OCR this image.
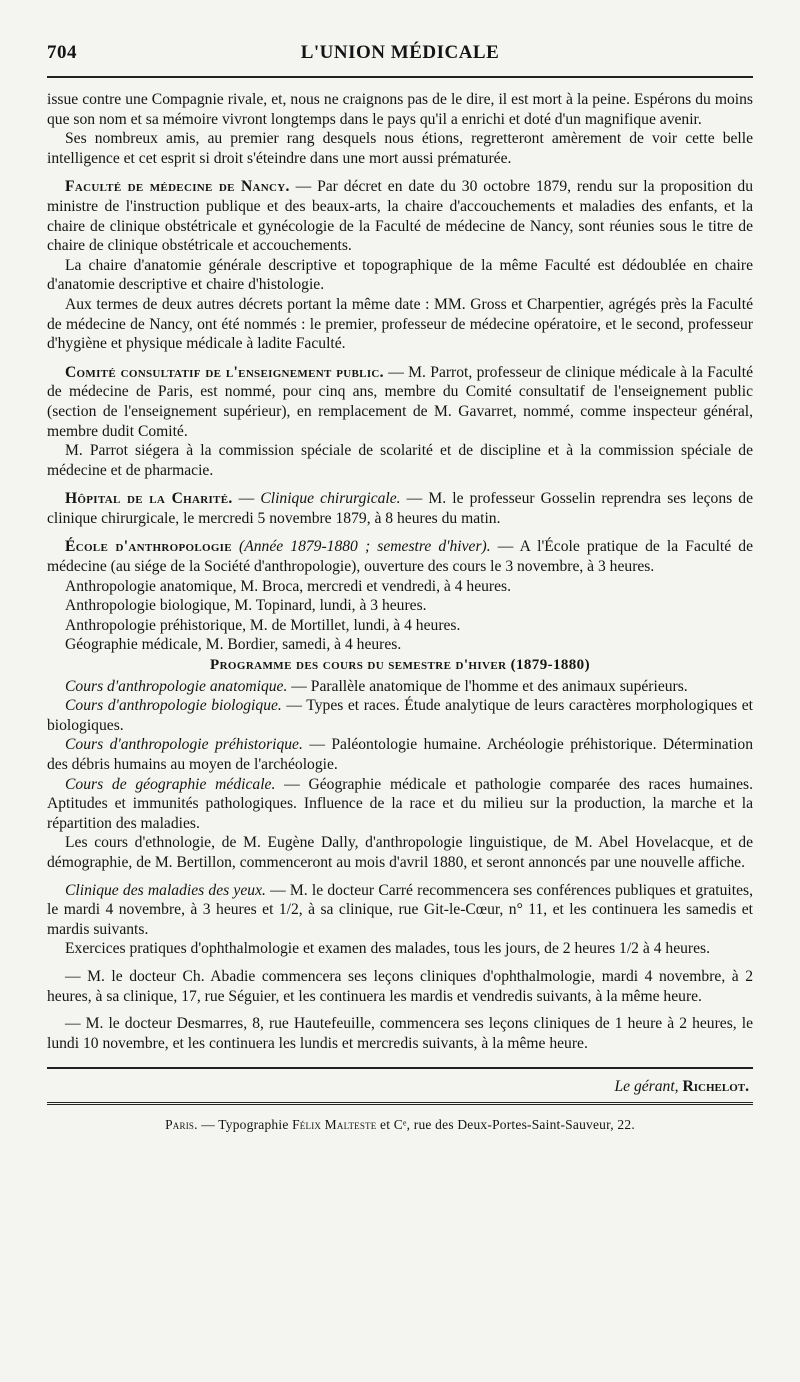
704	L'UNION MÉDICALE

issue contre une Compagnie rivale, et, nous ne craignons pas de le dire, il est mort à la peine. Espérons du moins que son nom et sa mémoire vivront longtemps dans le pays qu'il a enrichi et doté d'un magnifique avenir.

Ses nombreux amis, au premier rang desquels nous étions, regretteront amèrement de voir cette belle intelligence et cet esprit si droit s'éteindre dans une mort aussi prématurée.

Faculté de médecine de Nancy. — Par décret en date du 30 octobre 1879, rendu sur la proposition du ministre de l'instruction publique et des beaux-arts, la chaire d'accouchements et maladies des enfants, et la chaire de clinique obstétricale et gynécologie de la Faculté de médecine de Nancy, sont réunies sous le titre de chaire de clinique obstétricale et accouchements.

La chaire d'anatomie générale descriptive et topographique de la même Faculté est dédoublée en chaire d'anatomie descriptive et chaire d'histologie.

Aux termes de deux autres décrets portant la même date : MM. Gross et Charpentier, agrégés près la Faculté de médecine de Nancy, ont été nommés : le premier, professeur de médecine opératoire, et le second, professeur d'hygiène et physique médicale à ladite Faculté.

Comité consultatif de l'enseignement public. — M. Parrot, professeur de clinique médicale à la Faculté de médecine de Paris, est nommé, pour cinq ans, membre du Comité consultatif de l'enseignement public (section de l'enseignement supérieur), en remplacement de M. Gavarret, nommé, comme inspecteur général, membre dudit Comité.

M. Parrot siégera à la commission spéciale de scolarité et de discipline et à la commission spéciale de médecine et de pharmacie.

Hôpital de la Charité. — Clinique chirurgicale. — M. le professeur Gosselin reprendra ses leçons de clinique chirurgicale, le mercredi 5 novembre 1879, à 8 heures du matin.

École d'anthropologie (Année 1879-1880 ; semestre d'hiver). — A l'École pratique de la Faculté de médecine (au siége de la Société d'anthropologie), ouverture des cours le 3 novembre, à 3 heures.

Anthropologie anatomique, M. Broca, mercredi et vendredi, à 4 heures.

Anthropologie biologique, M. Topinard, lundi, à 3 heures.

Anthropologie préhistorique, M. de Mortillet, lundi, à 4 heures.

Géographie médicale, M. Bordier, samedi, à 4 heures.

Programme des cours du semestre d'hiver (1879-1880)

Cours d'anthropologie anatomique. — Parallèle anatomique de l'homme et des animaux supérieurs.

Cours d'anthropologie biologique. — Types et races. Étude analytique de leurs caractères morphologiques et biologiques.

Cours d'anthropologie préhistorique. — Paléontologie humaine. Archéologie préhistorique. Détermination des débris humains au moyen de l'archéologie.

Cours de géographie médicale. — Géographie médicale et pathologie comparée des races humaines. Aptitudes et immunités pathologiques. Influence de la race et du milieu sur la production, la marche et la répartition des maladies.

Les cours d'ethnologie, de M. Eugène Dally, d'anthropologie linguistique, de M. Abel Hovelacque, et de démographie, de M. Bertillon, commenceront au mois d'avril 1880, et seront annoncés par une nouvelle affiche.

Clinique des maladies des yeux. — M. le docteur Carré recommencera ses conférences publiques et gratuites, le mardi 4 novembre, à 3 heures et 1/2, à sa clinique, rue Git-le-Cœur, n° 11, et les continuera les samedis et mardis suivants.

Exercices pratiques d'ophthalmologie et examen des malades, tous les jours, de 2 heures 1/2 à 4 heures.

— M. le docteur Ch. Abadie commencera ses leçons cliniques d'ophthalmologie, mardi 4 novembre, à 2 heures, à sa clinique, 17, rue Séguier, et les continuera les mardis et vendredis suivants, à la même heure.

— M. le docteur Desmarres, 8, rue Hautefeuille, commencera ses leçons cliniques de 1 heure à 2 heures, le lundi 10 novembre, et les continuera les lundis et mercredis suivants, à la même heure.

Le gérant, Richelot.
Paris. — Typographie Félix Malteste et Cᵉ, rue des Deux-Portes-Saint-Sauveur, 22.
